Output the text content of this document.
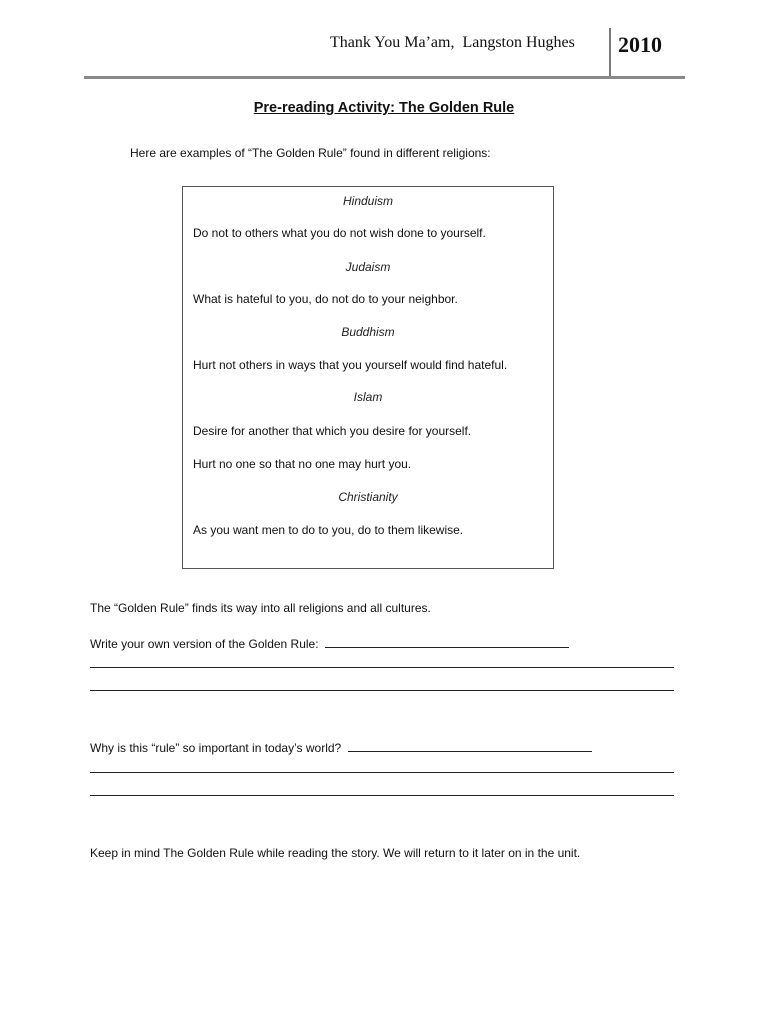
Thank You Ma’am,  Langston Hughes 2010
Pre-reading Activity: The Golden Rule
Here are examples of “The Golden Rule” found in different religions:
Hinduism
Do not to others what you do not wish done to yourself.
Judaism
What is hateful to you, do not do to your neighbor.
Buddhism
Hurt not others in ways that you yourself would find hateful.
Islam
Desire for another that which you desire for yourself.
Hurt no one so that no one may hurt you.
Christianity
As you want men to do to you, do to them likewise.
The “Golden Rule” finds its way into all religions and all cultures.
Write your own version of the Golden Rule:
Why is this “rule” so important in today’s world?
Keep in mind The Golden Rule while reading the story. We will return to it later on in the unit.
